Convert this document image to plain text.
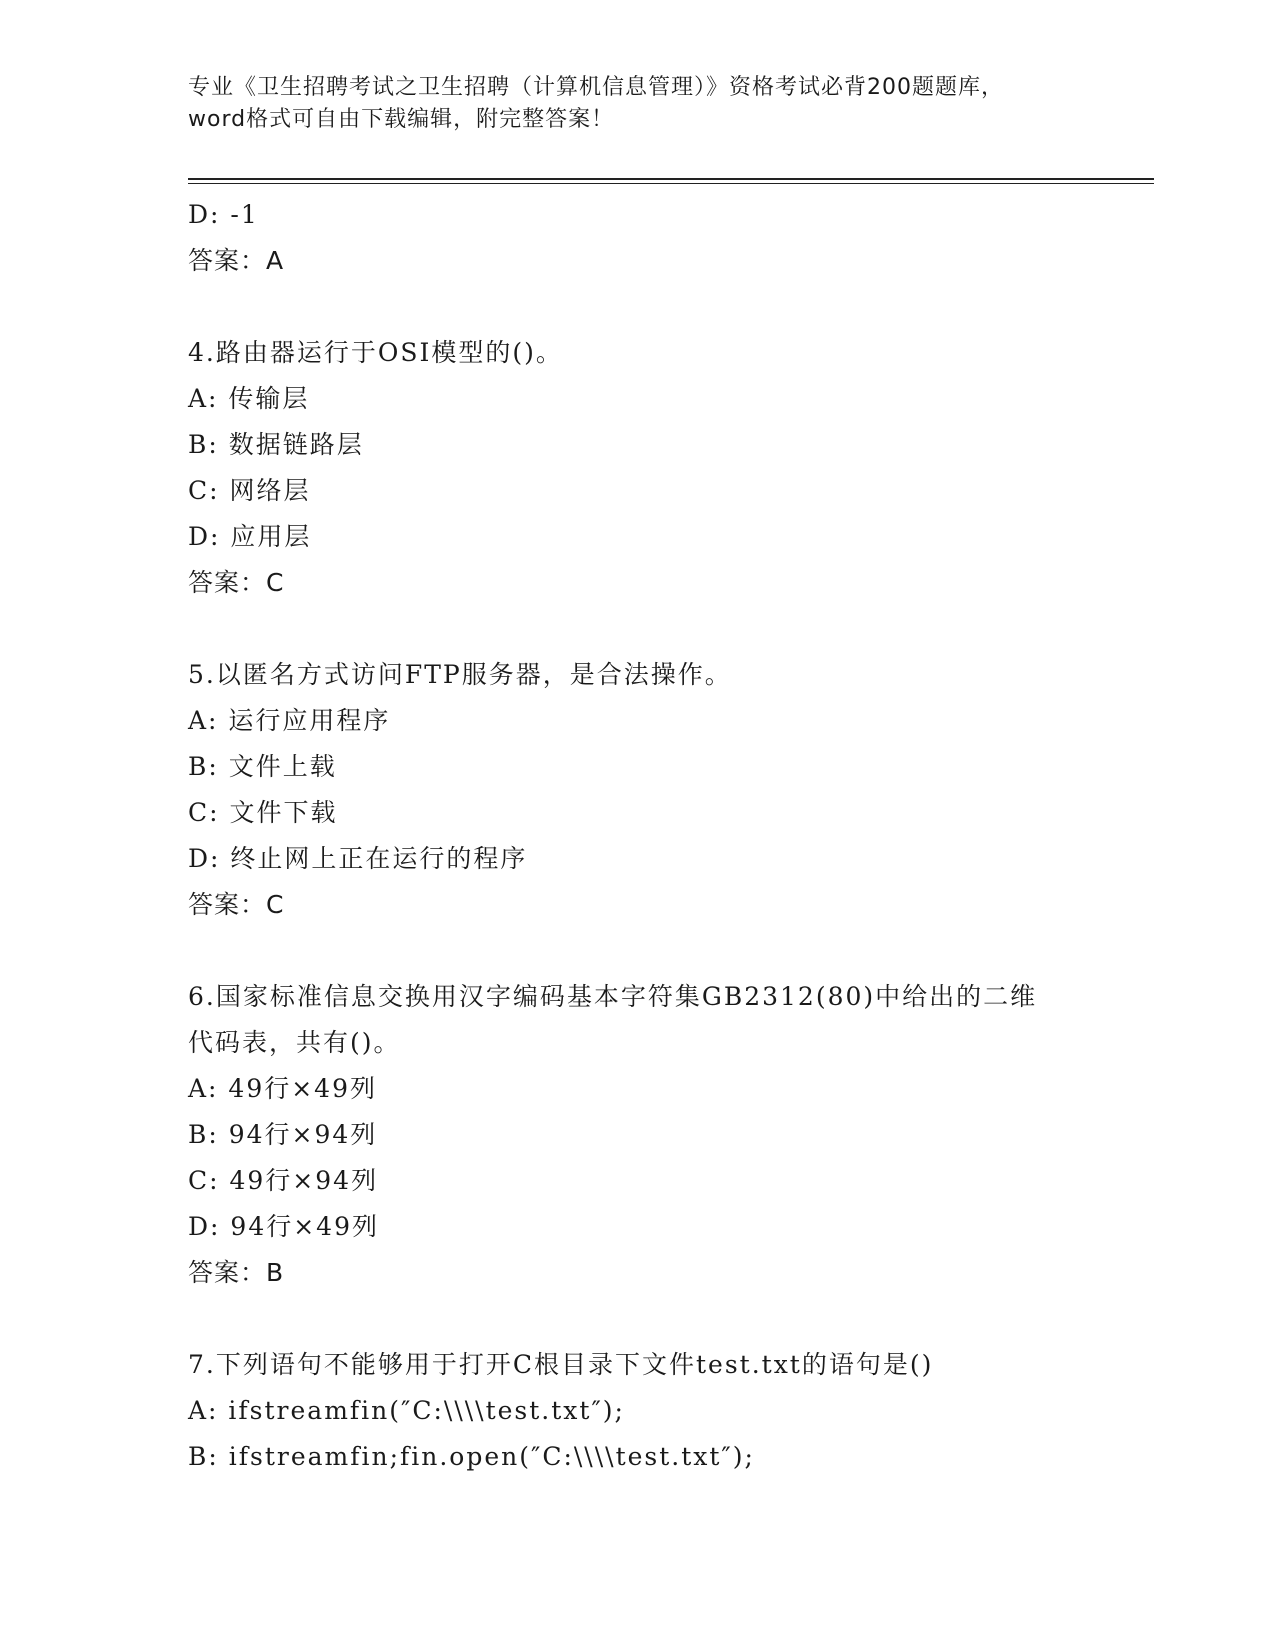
专业《卫生招聘考试之卫生招聘（计算机信息管理）》资格考试必背200题题库，
word格式可自由下载编辑，附完整答案！
D: -1
答案：A
4.路由器运行于OSI模型的()。
A: 传输层
B: 数据链路层
C: 网络层
D: 应用层
答案：C
5.以匿名方式访问FTP服务器，是合法操作。
A: 运行应用程序
B: 文件上载
C: 文件下载
D: 终止网上正在运行的程序
答案：C
6.国家标准信息交换用汉字编码基本字符集GB2312(80)中给出的二维
代码表，共有()。
A: 49行×49列
B: 94行×94列
C: 49行×94列
D: 94行×49列
答案：B
7.下列语句不能够用于打开C根目录下文件test.txt的语句是()
A: ifstreamfin(″C:\\\\test.txt″);
B: ifstreamfin;fin.open(″C:\\\\test.txt″);
